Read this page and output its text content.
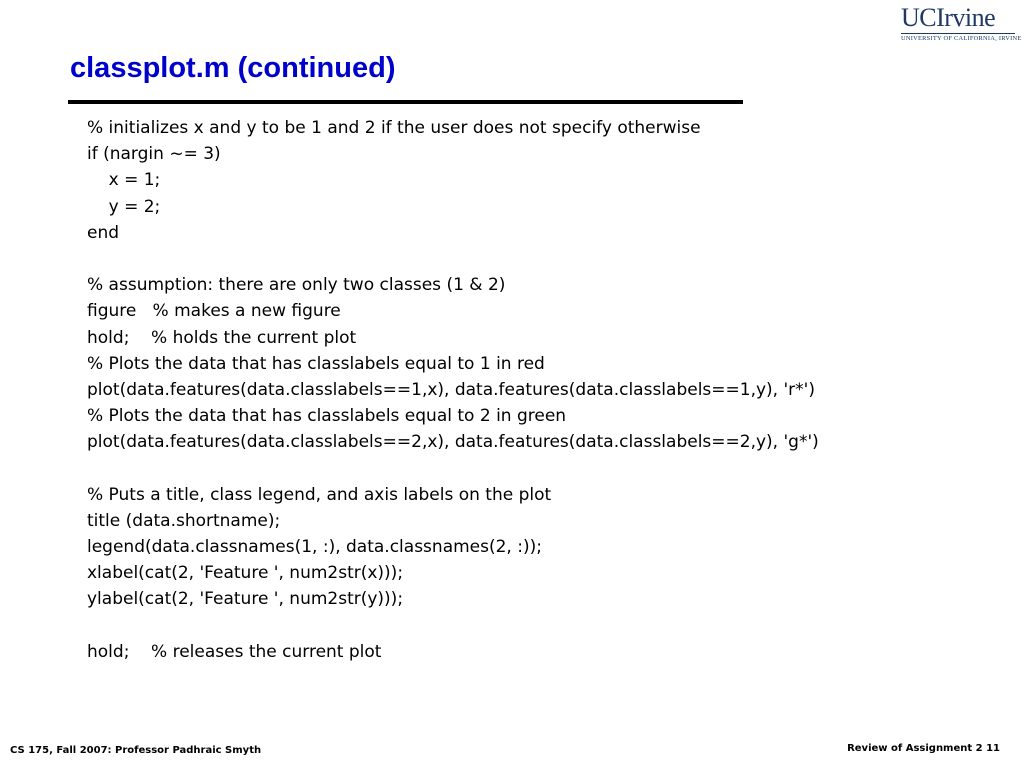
classplot.m (continued)
UCIrvine
UNIVERSITY OF CALIFORNIA, IRVINE
% initializes x and y to be 1 and 2 if the user does not specify otherwise
if (nargin ~= 3)
x = 1;
y = 2;
end
% assumption: there are only two classes (1 & 2)
figure   % makes a new figure
hold;    % holds the current plot
% Plots the data that has classlabels equal to 1 in red
plot(data.features(data.classlabels==1,x), data.features(data.classlabels==1,y), 'r*')
% Plots the data that has classlabels equal to 2 in green
plot(data.features(data.classlabels==2,x), data.features(data.classlabels==2,y), 'g*')
% Puts a title, class legend, and axis labels on the plot
title (data.shortname);
legend(data.classnames(1, :), data.classnames(2, :));
xlabel(cat(2, 'Feature ', num2str(x)));
ylabel(cat(2, 'Feature ', num2str(y)));
hold;    % releases the current plot
CS 175, Fall 2007: Professor Padhraic Smyth	Review of Assignment 2 11
